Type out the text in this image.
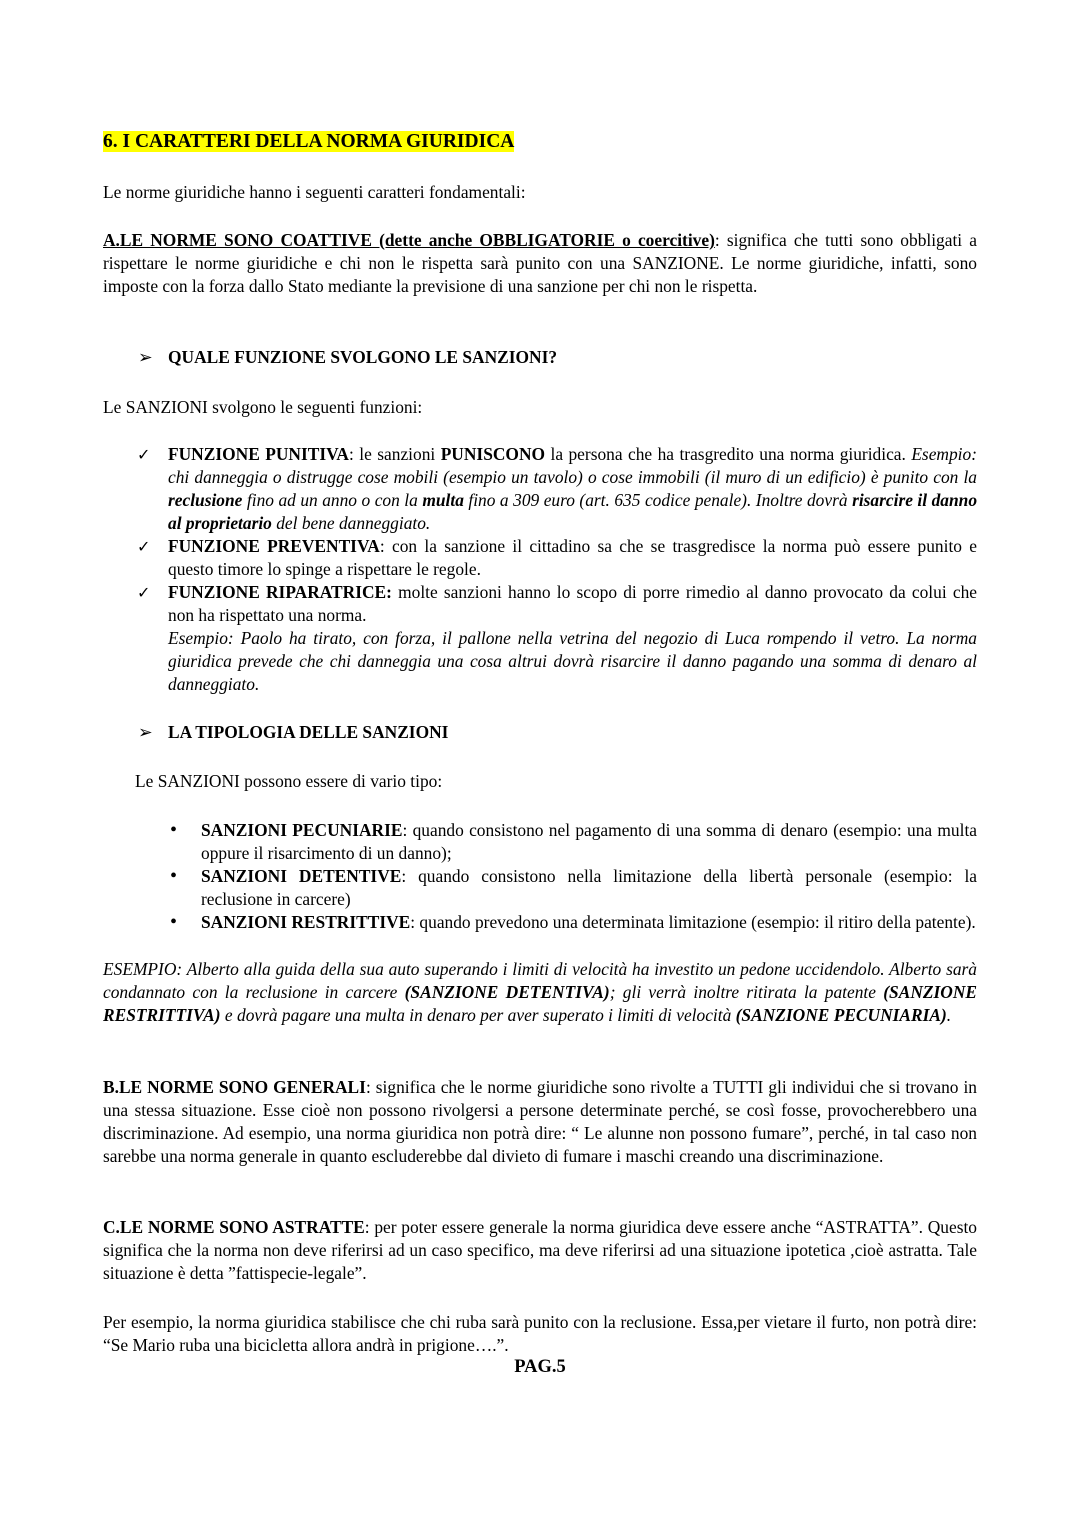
6. I CARATTERI DELLA NORMA GIURIDICA

Le norme giuridiche hanno i seguenti caratteri fondamentali:

A.LE NORME SONO COATTIVE (dette anche OBBLIGATORIE o coercitive): significa che tutti sono obbligati a rispettare le norme giuridiche e chi non le rispetta sarà punito con una SANZIONE. Le norme giuridiche, infatti, sono imposte con la forza dallo Stato mediante la previsione di una sanzione per chi non le rispetta.

➢ QUALE FUNZIONE SVOLGONO LE SANZIONI?

Le SANZIONI svolgono le seguenti funzioni:

✓ FUNZIONE PUNITIVA: le sanzioni PUNISCONO la persona che ha trasgredito una norma giuridica. Esempio: chi danneggia o distrugge cose mobili (esempio un tavolo) o cose immobili (il muro di un edificio) è punito con la reclusione fino ad un anno o con la multa fino a 309 euro (art. 635 codice penale). Inoltre dovrà risarcire il danno al proprietario del bene danneggiato.
✓ FUNZIONE PREVENTIVA: con la sanzione il cittadino sa che se trasgredisce la norma può essere punito e questo timore lo spinge a rispettare le regole.
✓ FUNZIONE RIPARATRICE: molte sanzioni hanno lo scopo di porre rimedio al danno provocato da colui che non ha rispettato una norma.
Esempio: Paolo ha tirato, con forza, il pallone nella vetrina del negozio di Luca rompendo il vetro. La norma giuridica prevede che chi danneggia una cosa altrui dovrà risarcire il danno pagando una somma di denaro al danneggiato.

➢ LA TIPOLOGIA DELLE SANZIONI

Le SANZIONI possono essere di vario tipo:

• SANZIONI PECUNIARIE: quando consistono nel pagamento di una somma di denaro (esempio: una multa oppure il risarcimento di un danno);
• SANZIONI DETENTIVE: quando consistono nella limitazione della libertà personale (esempio: la reclusione in carcere)
• SANZIONI RESTRITTIVE: quando prevedono una determinata limitazione (esempio: il ritiro della patente).

ESEMPIO: Alberto alla guida della sua auto superando i limiti di velocità ha investito un pedone uccidendolo. Alberto sarà condannato con la reclusione in carcere (SANZIONE DETENTIVA); gli verrà inoltre ritirata la patente (SANZIONE RESTRITTIVA) e dovrà pagare una multa in denaro per aver superato i limiti di velocità (SANZIONE PECUNIARIA).

B.LE NORME SONO GENERALI: significa che le norme giuridiche sono rivolte a TUTTI gli individui che si trovano in una stessa situazione. Esse cioè non possono rivolgersi a persone determinate perché, se così fosse, provocherebbero una discriminazione. Ad esempio, una norma giuridica non potrà dire: “ Le alunne non possono fumare”, perché, in tal caso non sarebbe una norma generale in quanto escluderebbe dal divieto di fumare i maschi creando una discriminazione.

C.LE NORME SONO ASTRATTE: per poter essere generale la norma giuridica deve essere anche “ASTRATTA”. Questo significa che la norma non deve riferirsi ad un caso specifico, ma deve riferirsi ad una situazione ipotetica ,cioè astratta. Tale situazione è detta ”fattispecie-legale”.

Per esempio, la norma giuridica stabilisce che chi ruba sarà punito con la reclusione. Essa,per vietare il furto, non potrà dire: “Se Mario ruba una bicicletta allora andrà in prigione….”.

PAG.5
